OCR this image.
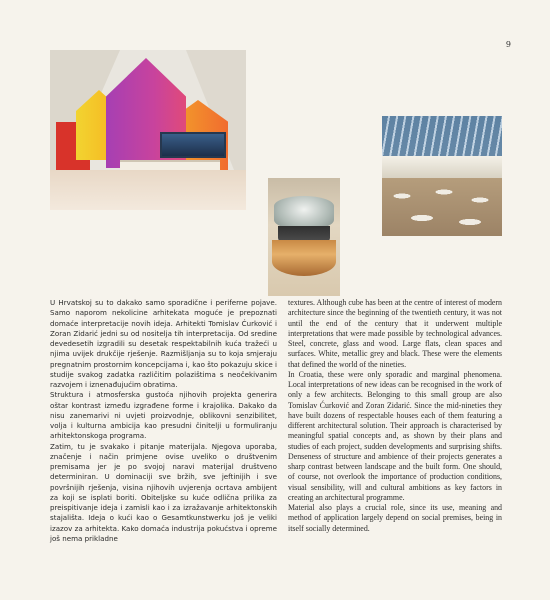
9

U Hrvatskoj su to dakako samo sporadične i periferne pojave. Samo naporom nekolicine arhitekata moguće je prepoznati domaće interpretacije novih ideja. Arhitekti Tomislav Ćurković i Zoran Zidarić jedni su od nositelja tih interpretacija. Od sredine devedesetih izgradili su desetak respektabilnih kuća tražeći u njima uvijek drukčije rješenje. Razmišljanja su to koja smjeraju pregnatnim prostornim koncepcijama i, kao što pokazuju skice i studije svakog zadatka različitim polazištima s neočekivanim razvojem i iznenađujućim obratima.

Struktura i atmosferska gustoća njihovih projekta generira oštar kontrast između izgrađene forme i krajolika. Dakako da nisu zanemarivi ni uvjeti proizvodnje, oblikovni senzibilitet, volja i kulturna ambicija kao presudni činitelji u formuliranju arhitektonskoga programa.

Zatim, tu je svakako i pitanje materijala. Njegova uporaba, značenje i način primjene ovise uveliko o društvenim premisama jer je po svojoj naravi materijal društveno determiniran. U dominaciji sve bržih, sve jeftinijih i sve površnijih rješenja, visina njihovih uvjerenja ocrtava ambijent za koji se isplati boriti. Obiteljske su kuće odlična prilika za preispitivanje ideja i zamisli kao i za izražavanje arhitektonskih stajališta. Ideja o kući kao o Gesamtkunstwerku još je veliki izazov za arhitekta. Kako domaća industrija pokućstva i opreme još nema prikladne

textures. Although cube has been at the centre of interest of modern architecture since the beginning of the twentieth century, it was not until the end of the century that it underwent multiple interpretations that were made possible by technological advances. Steel, concrete, glass and wood. Large flats, clean spaces and surfaces. White, metallic grey and black. These were the elements that defined the world of the nineties.

In Croatia, these were only sporadic and marginal phenomena. Local interpretations of new ideas can be recognised in the work of only a few architects. Belonging to this small group are also Tomislav Ćurković and Zoran Zidarić. Since the mid-nineties they have built dozens of respectable houses each of them featuring a different architectural solution. Their approach is characterised by meaningful spatial concepts and, as shown by their plans and studies of each project, sudden developments and surprising shifts. Denseness of structure and ambience of their projects generates a sharp contrast between landscape and the built form. One should, of course, not overlook the importance of production conditions, visual sensibility, will and cultural ambitions as key factors in creating an architectural programme.

Material also plays a crucial role, since its use, meaning and method of application largely depend on social premises, being in itself socially determined.
